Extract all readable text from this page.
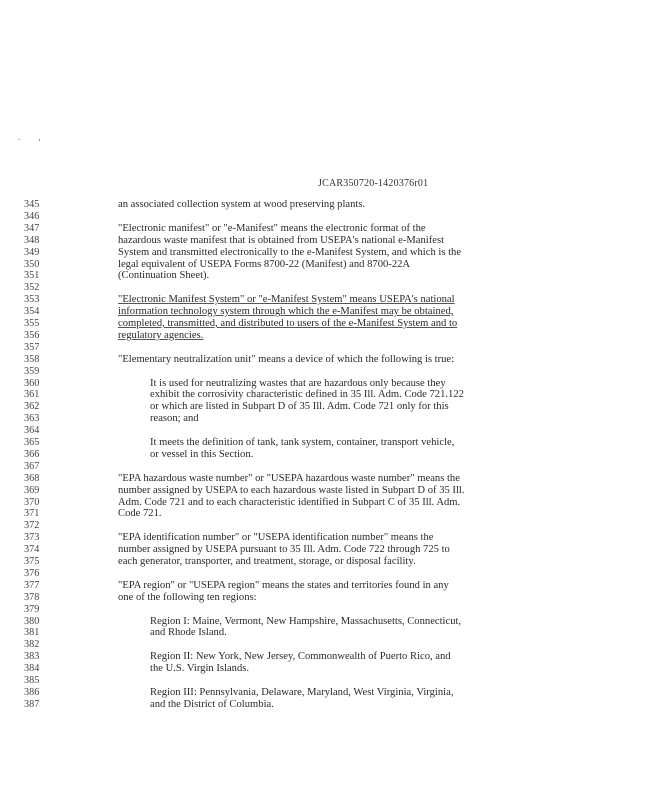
. ,
JCAR350720-1420376r01
345	an associated collection system at wood preserving plants.
346
347	"Electronic manifest" or "e-Manifest" means the electronic format of the
348	hazardous waste manifest that is obtained from USEPA's national e-Manifest
349	System and transmitted electronically to the e-Manifest System, and which is the
350	legal equivalent of USEPA Forms 8700-22 (Manifest) and 8700-22A
351	(Continuation Sheet).
352
353	"Electronic Manifest System" or "e-Manifest System" means USEPA's national
354	information technology system through which the e-Manifest may be obtained,
355	completed, transmitted, and distributed to users of the e-Manifest System and to
356	regulatory agencies.
357
358	"Elementary neutralization unit" means a device of which the following is true:
359
360	It is used for neutralizing wastes that are hazardous only because they
361	exhibit the corrosivity characteristic defined in 35 Ill. Adm. Code 721.122
362	or which are listed in Subpart D of 35 Ill. Adm. Code 721 only for this
363	reason; and
364
365	It meets the definition of tank, tank system, container, transport vehicle,
366	or vessel in this Section.
367
368	"EPA hazardous waste number" or "USEPA hazardous waste number" means the
369	number assigned by USEPA to each hazardous waste listed in Subpart D of 35 Ill.
370	Adm. Code 721 and to each characteristic identified in Subpart C of 35 Ill. Adm.
371	Code 721.
372
373	"EPA identification number" or "USEPA identification number" means the
374	number assigned by USEPA pursuant to 35 Ill. Adm. Code 722 through 725 to
375	each generator, transporter, and treatment, storage, or disposal facility.
376
377	"EPA region" or "USEPA region" means the states and territories found in any
378	one of the following ten regions:
379
380	Region I: Maine, Vermont, New Hampshire, Massachusetts, Connecticut,
381	and Rhode Island.
382
383	Region II: New York, New Jersey, Commonwealth of Puerto Rico, and
384	the U.S. Virgin Islands.
385
386	Region III: Pennsylvania, Delaware, Maryland, West Virginia, Virginia,
387	and the District of Columbia.
